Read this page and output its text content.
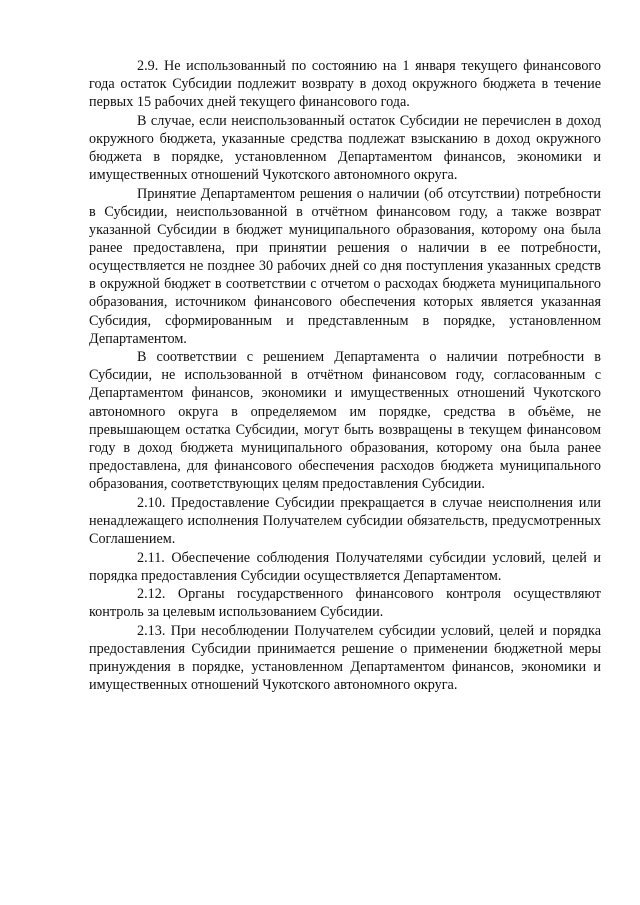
2.9. Не использованный по состоянию на 1 января текущего финансового года остаток Субсидии подлежит возврату в доход окружного бюджета в течение первых 15 рабочих дней текущего финансового года.

В случае, если неиспользованный остаток Субсидии не перечислен в доход окружного бюджета, указанные средства подлежат взысканию в доход окружного бюджета в порядке, установленном Департаментом финансов, экономики и имущественных отношений Чукотского автономного округа.

Принятие Департаментом решения о наличии (об отсутствии) потребности в Субсидии, неиспользованной в отчётном финансовом году, а также возврат указанной Субсидии в бюджет муниципального образования, которому она была ранее предоставлена, при принятии решения о наличии в ее потребности, осуществляется не позднее 30 рабочих дней со дня поступления указанных средств в окружной бюджет в соответствии с отчетом о расходах бюджета муниципального образования, источником финансового обеспечения которых является указанная Субсидия, сформированным и представленным в порядке, установленном Департаментом.

В соответствии с решением Департамента о наличии потребности в Субсидии, не использованной в отчётном финансовом году, согласованным с Департаментом финансов, экономики и имущественных отношений Чукотского автономного округа в определяемом им порядке, средства в объёме, не превышающем остатка Субсидии, могут быть возвращены в текущем финансовом году в доход бюджета муниципального образования, которому она была ранее предоставлена, для финансового обеспечения расходов бюджета муниципального образования, соответствующих целям предоставления Субсидии.

2.10. Предоставление Субсидии прекращается в случае неисполнения или ненадлежащего исполнения Получателем субсидии обязательств, предусмотренных Соглашением.

2.11. Обеспечение соблюдения Получателями субсидии условий, целей и порядка предоставления Субсидии осуществляется Департаментом.

2.12. Органы государственного финансового контроля осуществляют контроль за целевым использованием Субсидии.

2.13. При несоблюдении Получателем субсидии условий, целей и порядка предоставления Субсидии принимается решение о применении бюджетной меры принуждения в порядке, установленном Департаментом финансов, экономики и имущественных отношений Чукотского автономного округа.
